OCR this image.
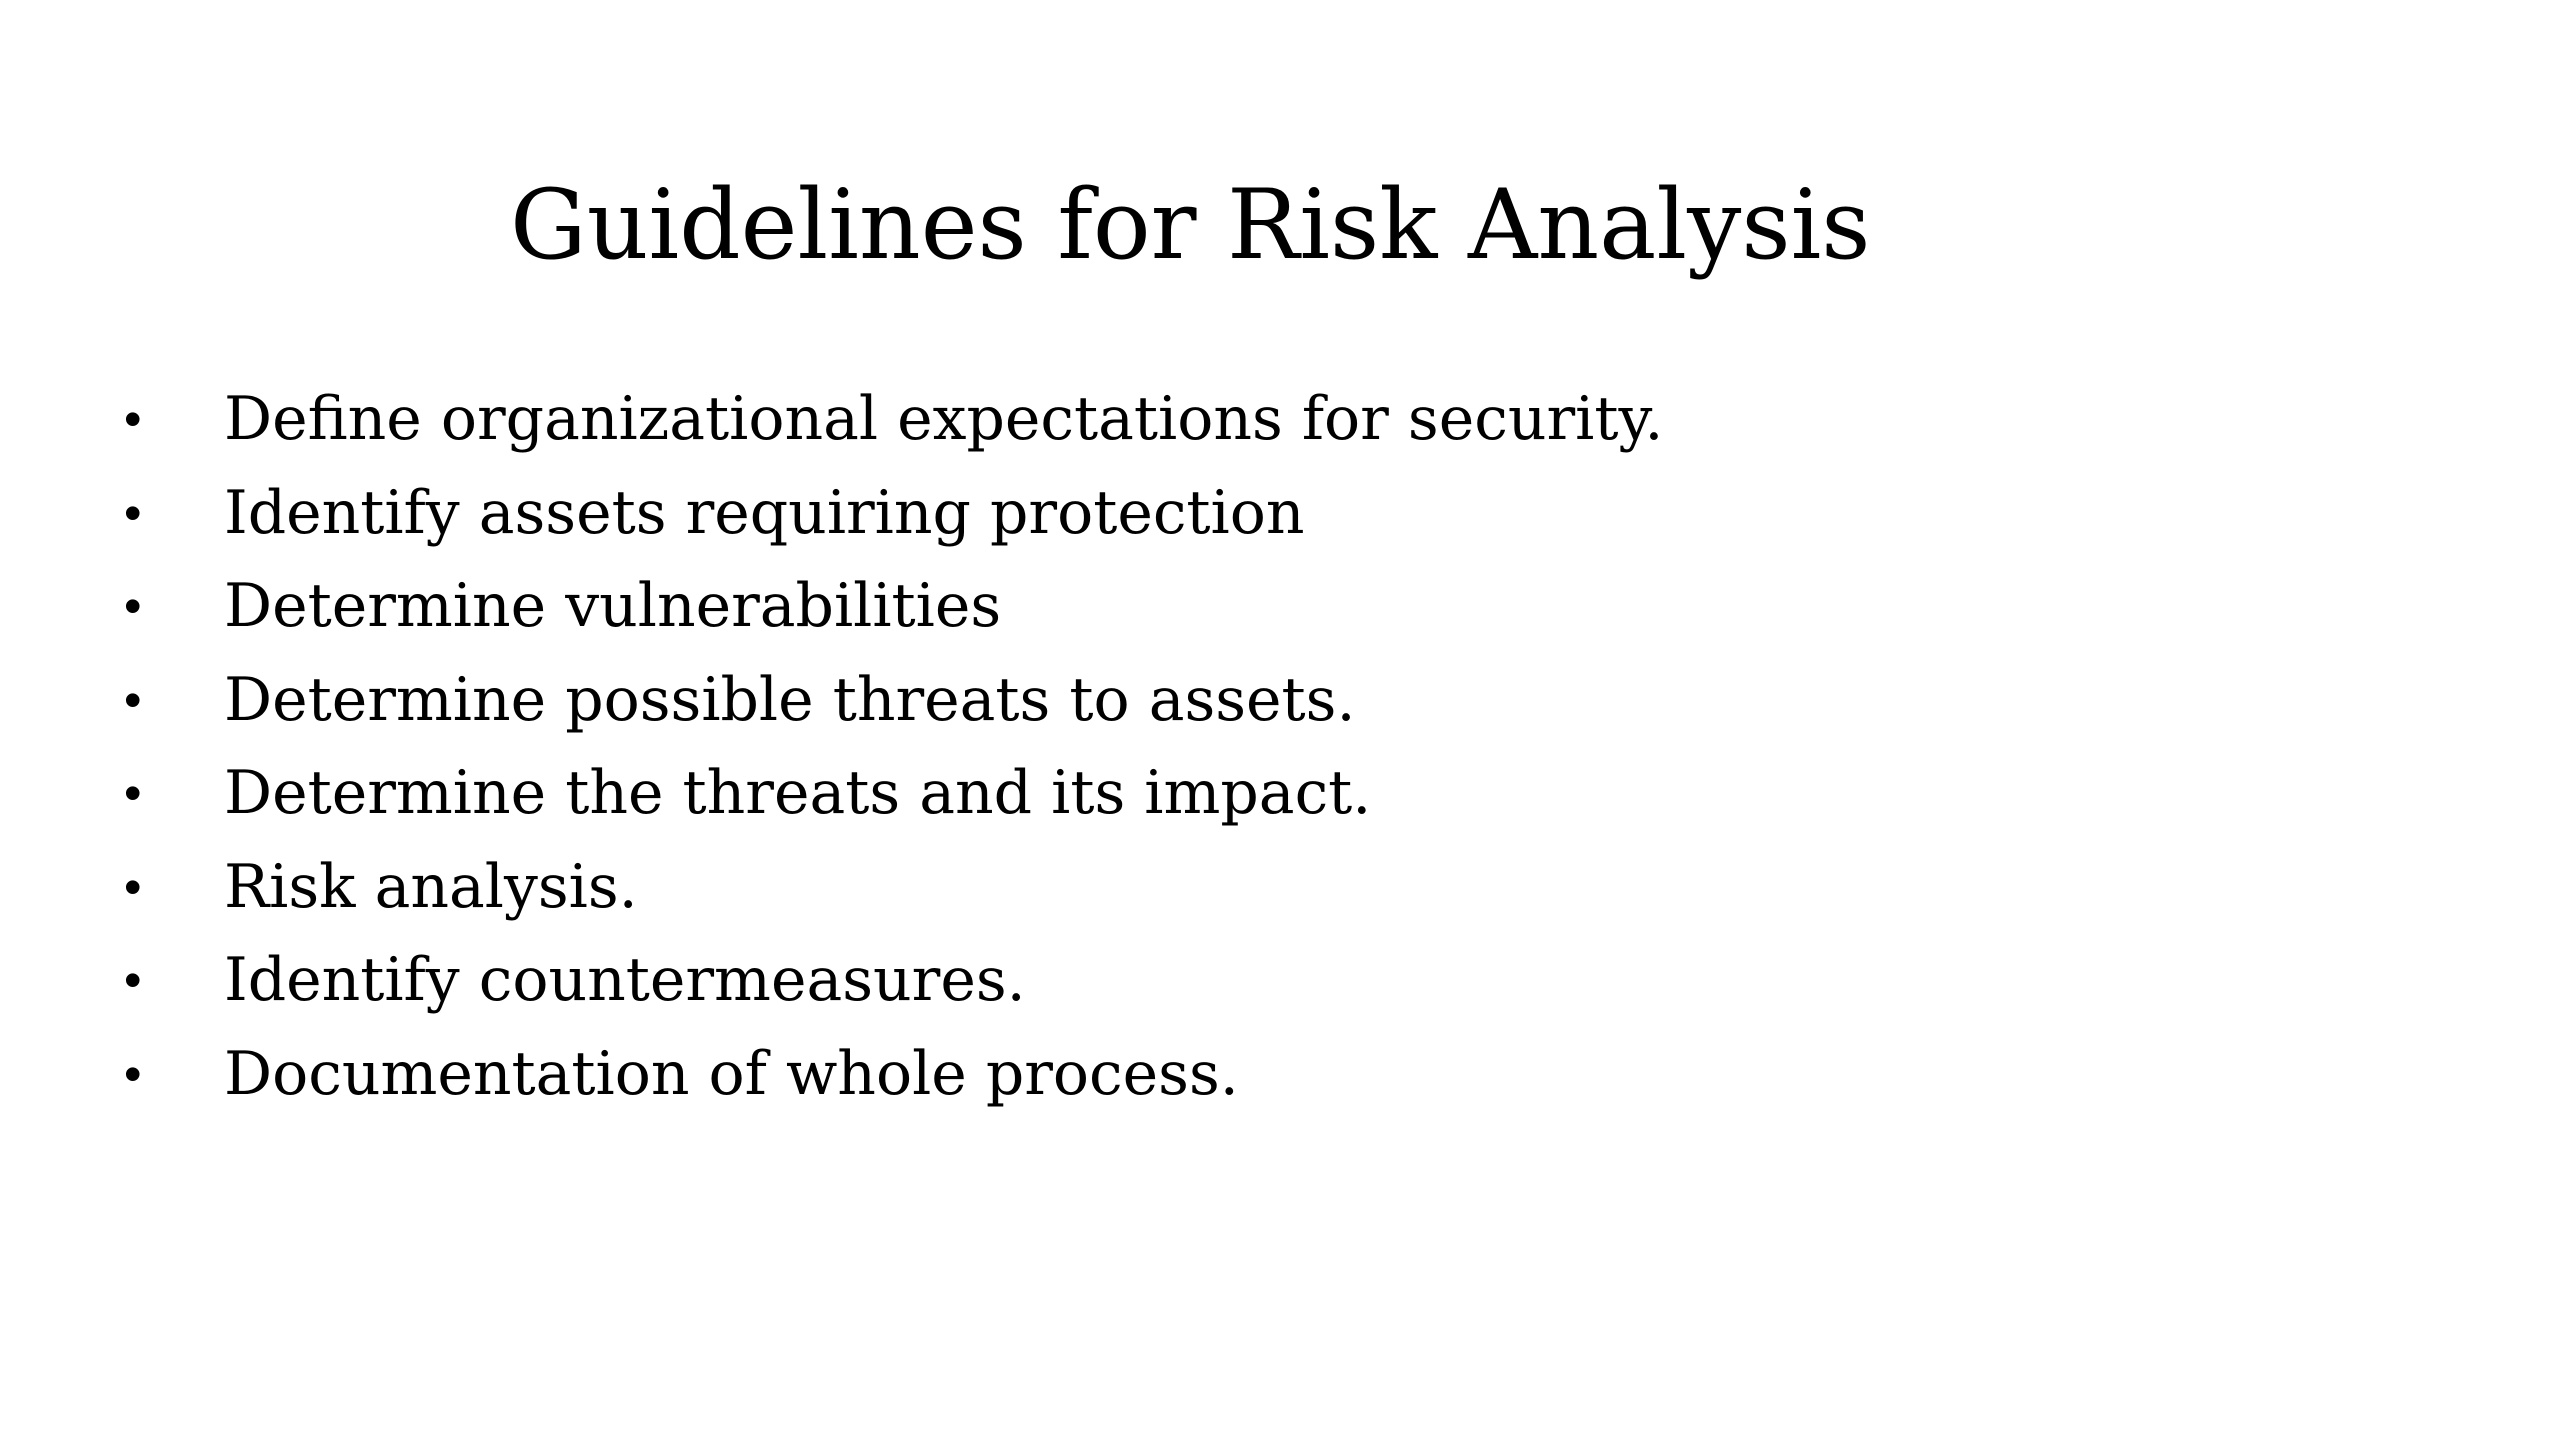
Guidelines for Risk Analysis
•	Define organizational expectations for security.
•	Identify assets requiring protection
•	Determine vulnerabilities
•	Determine possible threats to assets.
•	Determine the threats and its impact.
•	Risk analysis.
•	Identify countermeasures.
•	Documentation of whole process.
